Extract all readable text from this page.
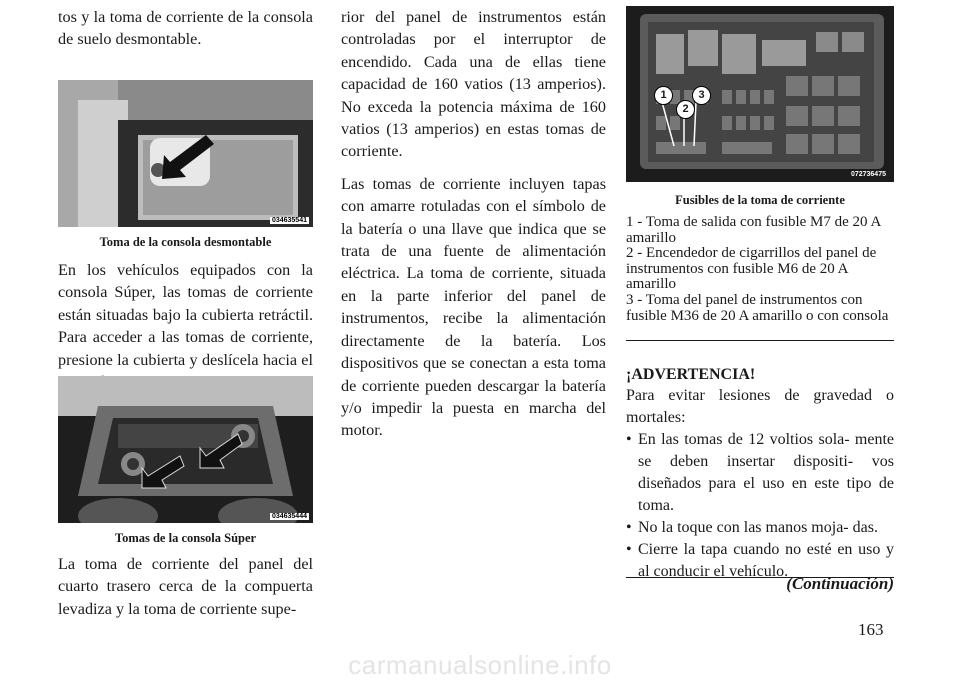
tos y la toma de corriente de la consola de suelo desmontable.

034635541
Toma de la consola desmontable

En los vehículos equipados con la consola Súper, las tomas de corriente están situadas bajo la cubierta retráctil. Para acceder a las tomas de corriente, presione la cubierta y deslícela hacia el

034635444
Tomas de la consola Súper

La toma de corriente del panel del cuarto trasero cerca de la compuerta levadiza y la toma de corriente supe-

rior del panel de instrumentos están controladas por el interruptor de encendido. Cada una de ellas tiene capacidad de 160 vatios (13 amperios). No exceda la potencia máxima de 160 vatios (13 amperios) en estas tomas de corriente.

Las tomas de corriente incluyen tapas con amarre rotuladas con el símbolo de la batería o una llave que indica que se trata de una fuente de alimentación eléctrica. La toma de corriente, situada en la parte inferior del panel de instrumentos, recibe la alimentación directamente de la batería. Los dispositivos que se conectan a esta toma de corriente pueden descargar la batería y/o impedir la puesta en marcha del motor.

1
2
3
072736475
Fusibles de la toma de corriente
1 - Toma de salida con fusible M7 de 20 A amarillo
2 - Encendedor de cigarrillos del panel de instrumentos con fusible M6 de 20 A amarillo
3 - Toma del panel de instrumentos con fusible M36 de 20 A amarillo o con consola
¡ADVERTENCIA!

Para evitar lesiones de gravedad o mortales:

• En las tomas de 12 voltios sola- mente se deben insertar dispositi- vos diseñados para el uso en este tipo de toma.
• No la toque con las manos moja- das.
• Cierre la tapa cuando no esté en uso y al conducir el vehículo.
(Continuación)
163
carmanualsonline.info
